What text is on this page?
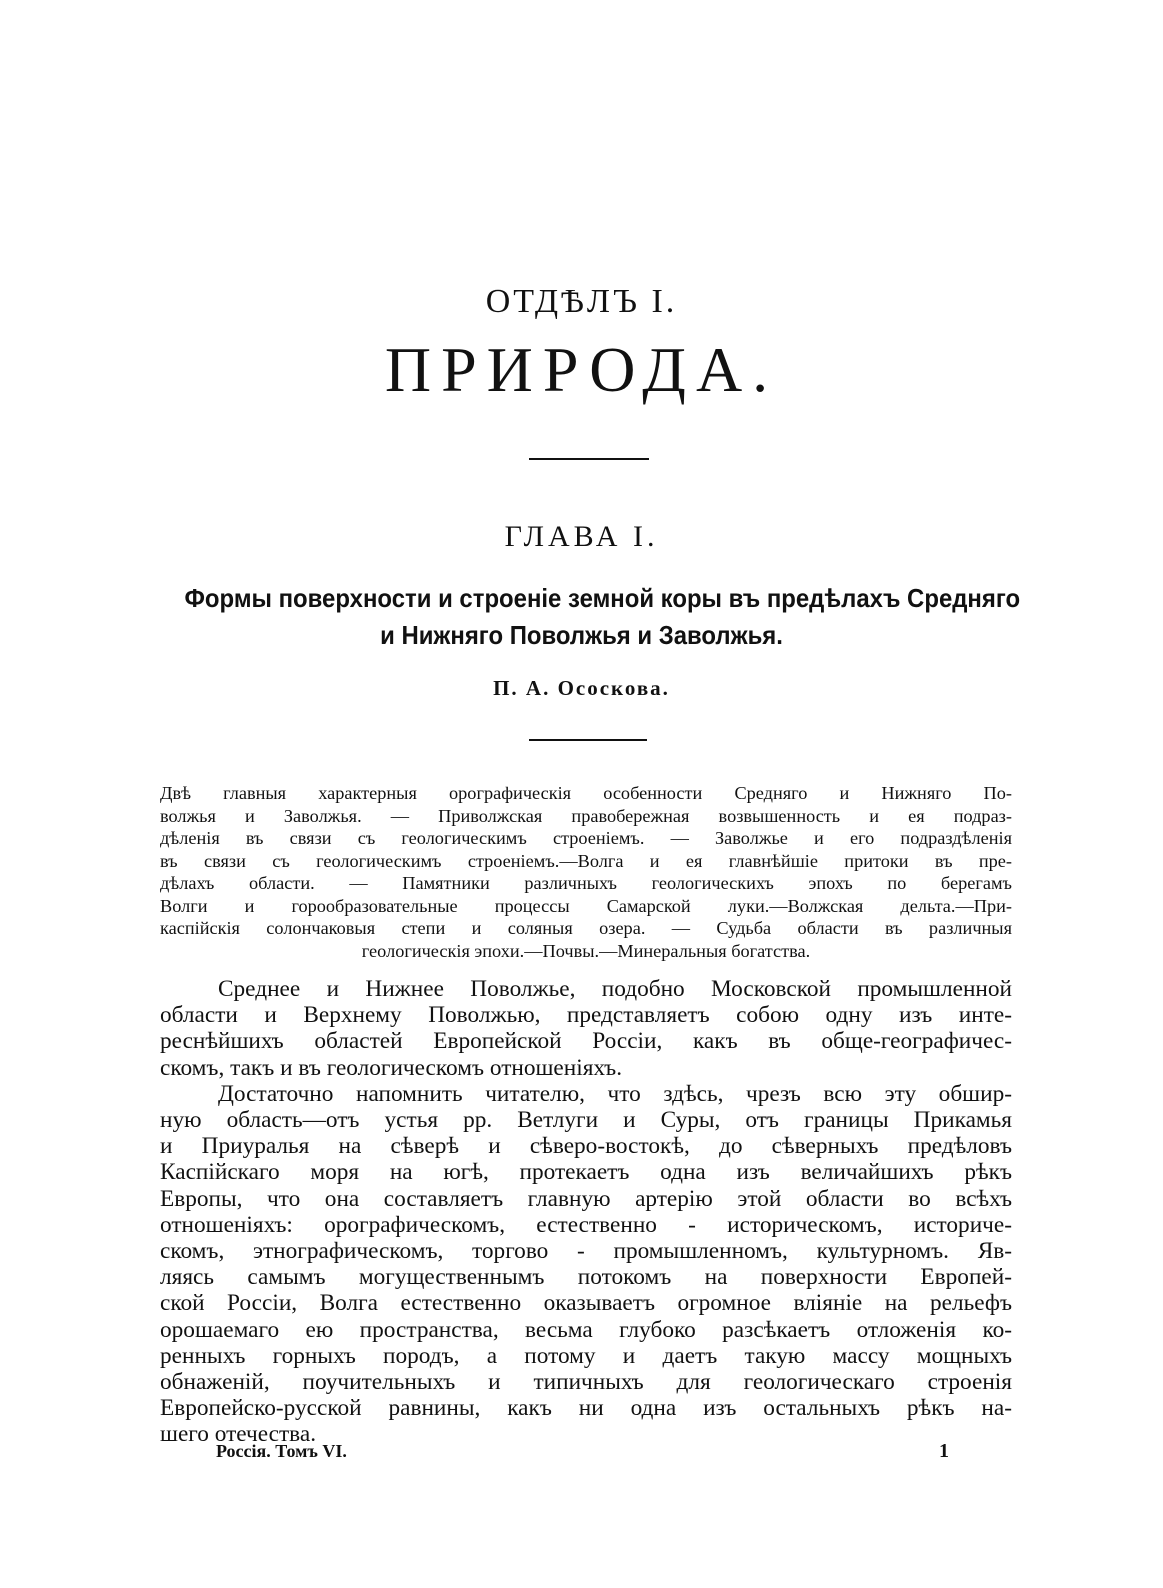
ОТДѢЛЪ I.
ПРИРОДА.
ГЛАВА I.
Формы поверхности и строеніе земной коры въ предѣлахъ Средняго
и Нижняго Поволжья и Заволжья.
П. А. Ососкова.
Двѣ главныя характерныя орографическія особенности Средняго и Нижняго По-
волжья и Заволжья. — Приволжская правобережная возвышенность и ея подраз-
дѣленія въ связи съ геологическимъ строеніемъ. — Заволжье и его подраздѣленія
въ связи съ геологическимъ строеніемъ.—Волга и ея главнѣйшіе притоки въ пре-
дѣлахъ области. — Памятники различныхъ геологическихъ эпохъ по берегамъ
Волги и горообразовательные процессы Самарской луки.—Волжская дельта.—При-
каспійскія солончаковыя степи и соляныя озера. — Судьба области въ различныя
геологическія эпохи.—Почвы.—Минеральныя богатства.
Среднее и Нижнее Поволжье, подобно Московской промышленной
области и Верхнему Поволжью, представляетъ собою одну изъ инте-
реснѣйшихъ областей Европейской Россіи, какъ въ обще-географичес-
скомъ, такъ и въ геологическомъ отношеніяхъ.
Достаточно напомнить читателю, что здѣсь, чрезъ всю эту обшир-
ную область—отъ устья рр. Ветлуги и Суры, отъ границы Прикамья
и Приуралья на сѣверѣ и сѣверо-востокѣ, до сѣверныхъ предѣловъ
Каспійскаго моря на югѣ, протекаетъ одна изъ величайшихъ рѣкъ
Европы, что она составляетъ главную артерію этой области во всѣхъ
отношеніяхъ: орографическомъ, естественно - историческомъ, историче-
скомъ, этнографическомъ, торгово - промышленномъ, культурномъ. Яв-
ляясь самымъ могущественнымъ потокомъ на поверхности Европей-
ской Россіи, Волга естественно оказываетъ огромное вліяніе на рельефъ
орошаемаго ею пространства, весьма глубоко разсѣкаетъ отложенія ко-
ренныхъ горныхъ породъ, а потому и даетъ такую массу мощныхъ
обнаженій, поучительныхъ и типичныхъ для геологическаго строенія
Европейско-русской равнины, какъ ни одна изъ остальныхъ рѣкъ на-
шего отечества.
Россія. Томъ VI.	1
